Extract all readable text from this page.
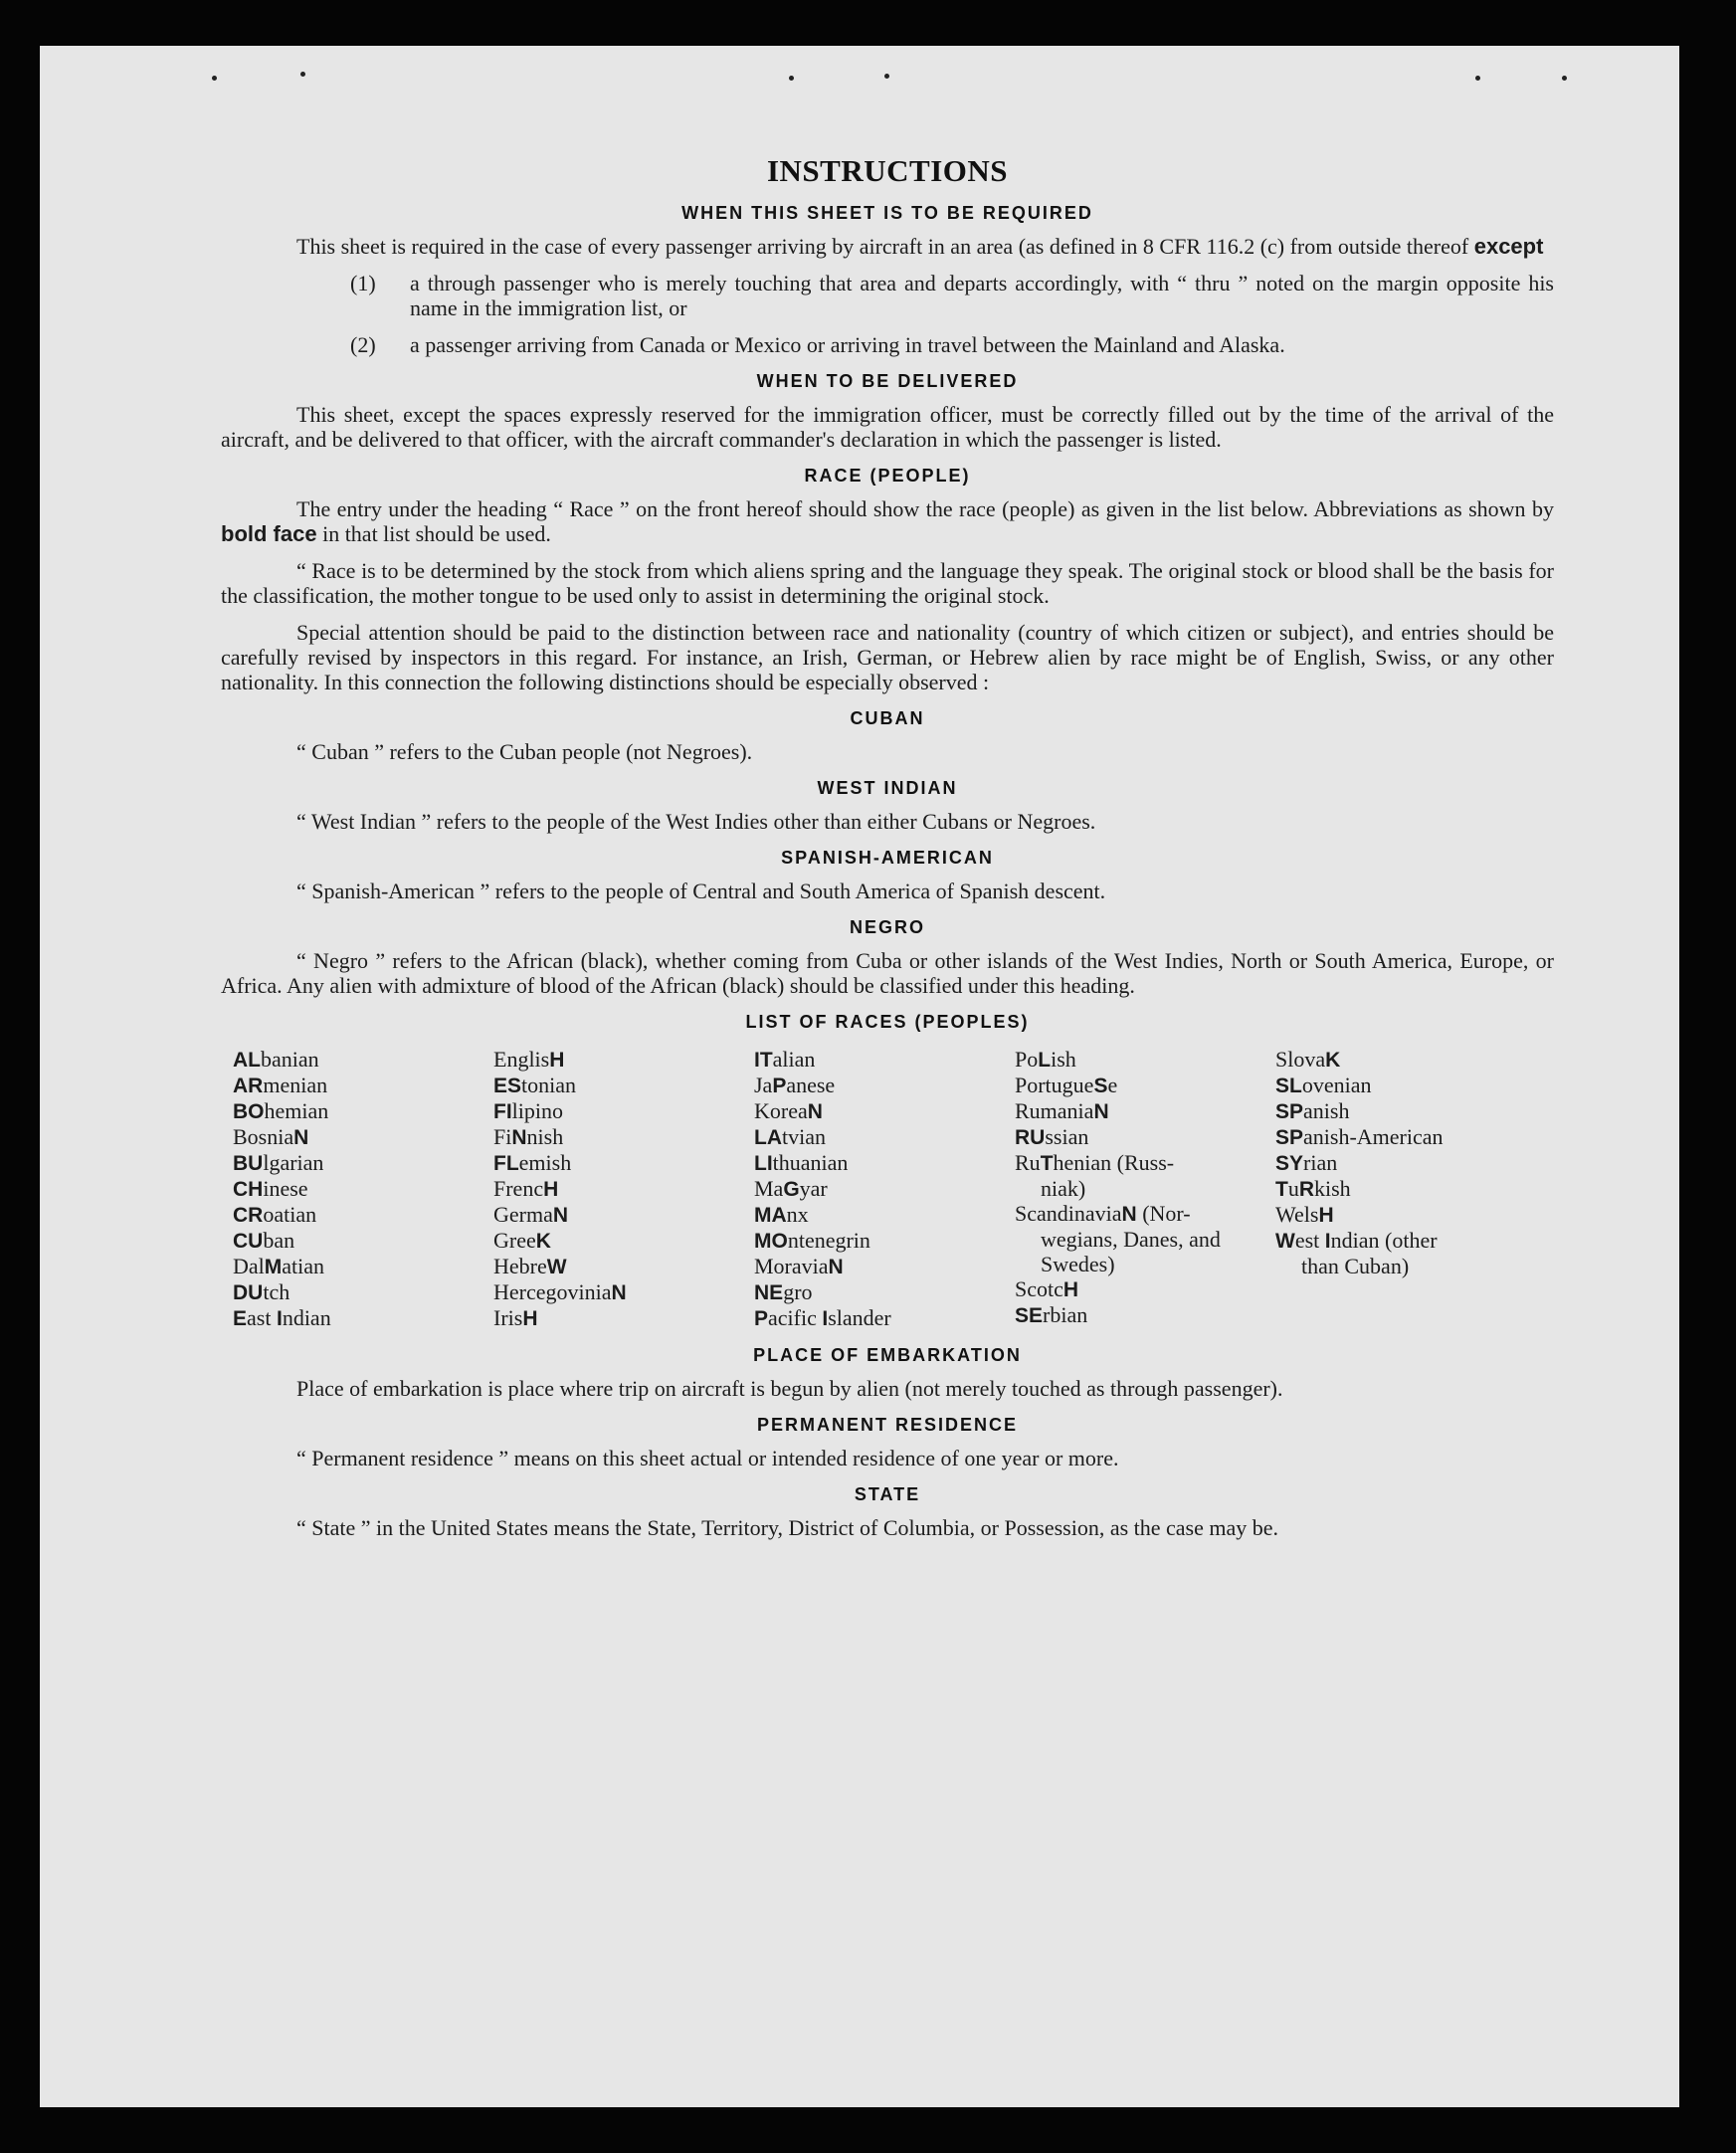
INSTRUCTIONS
WHEN THIS SHEET IS TO BE REQUIRED

This sheet is required in the case of every passenger arriving by aircraft in an area (as defined in 8 CFR 116.2 (c) from outside thereof except

(1)	a through passenger who is merely touching that area and departs accordingly, with “ thru ” noted on the margin opposite his name in the immigration list, or
(2)	a passenger arriving from Canada or Mexico or arriving in travel between the Mainland and Alaska.
WHEN TO BE DELIVERED

This sheet, except the spaces expressly reserved for the immigration officer, must be correctly filled out by the time of the arrival of the aircraft, and be delivered to that officer, with the aircraft commander's declaration in which the passenger is listed.

RACE (PEOPLE)

The entry under the heading “ Race ” on the front hereof should show the race (people) as given in the list below. Abbreviations as shown by bold face in that list should be used.

“ Race is to be determined by the stock from which aliens spring and the language they speak. The original stock or blood shall be the basis for the classification, the mother tongue to be used only to assist in determining the original stock.

Special attention should be paid to the distinction between race and nationality (country of which citizen or subject), and entries should be carefully revised by inspectors in this regard. For instance, an Irish, German, or Hebrew alien by race might be of English, Swiss, or any other nationality. In this connection the following distinctions should be especially observed :

CUBAN

“ Cuban ” refers to the Cuban people (not Negroes).

WEST INDIAN

“ West Indian ” refers to the people of the West Indies other than either Cubans or Negroes.

SPANISH-AMERICAN

“ Spanish-American ” refers to the people of Central and South America of Spanish descent.

NEGRO

“ Negro ” refers to the African (black), whether coming from Cuba or other islands of the West Indies, North or South America, Europe, or Africa. Any alien with admixture of blood of the African (black) should be classified under this heading.

LIST OF RACES (PEOPLES)
ALbanian
ARmenian
BOhemian
BosniaN
BUlgarian
CHinese
CRoatian
CUban
DalMatian
DUtch
East Indian
EnglisH
EStonian
FIlipino
FiNnish
FLemish
FrencH
GermaN
GreeK
HebreW
HercegoviniaN
IrisH
ITalian
JaPanese
KoreaN
LAtvian
LIthuanian
MaGyar
MAnx
MOntenegrin
MoraviaN
NEgro
Pacific Islander
PoLish
PortugueSe
RumaniaN
RUssian
RuThenian (Russ-
niak)
ScandinaviaN (Nor-
wegians, Danes, and Swedes)
ScotcH
SErbian
SlovaK
SLovenian
SPanish
SPanish-American
SYrian
TuRkish
WelsH
West Indian (other
than Cuban)
PLACE OF EMBARKATION

Place of embarkation is place where trip on aircraft is begun by alien (not merely touched as through passenger).

PERMANENT RESIDENCE

“ Permanent residence ” means on this sheet actual or intended residence of one year or more.

STATE

“ State ” in the United States means the State, Territory, District of Columbia, or Possession, as the case may be.
